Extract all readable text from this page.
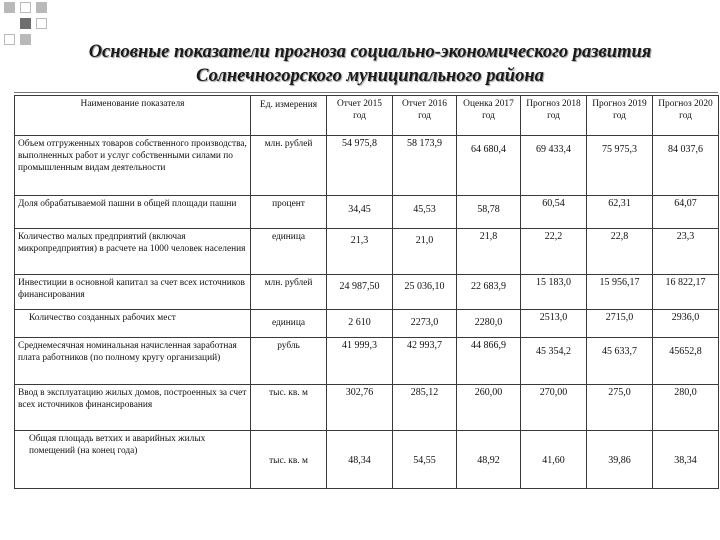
Основные показатели прогноза социально-экономического развития
Солнечногорского муниципального района
Наименование показателя	Ед. измерения	Отчет 2015 год	Отчет 2016 год	Оценка 2017 год	Прогноз 2018 год	Прогноз 2019 год	Прогноз 2020 год
Объем отгруженных товаров собственного производства, выполненных работ и услуг собственными силами по промышленным видам деятельности	млн. рублей	54 975,8	58 173,9	64 680,4	69 433,4	75 975,3	84 037,6
Доля обрабатываемой пашни в общей площади пашни	процент	34,45	45,53	58,78	60,54	62,31	64,07
Количество малых предприятий (включая микропредприятия) в расчете на 1000 человек населения	единица	21,3	21,0	21,8	22,2	22,8	23,3
Инвестиции в основной капитал за счет всех источников финансирования	млн. рублей	24 987,50	25 036,10	22 683,9	15 183,0	15 956,17	16 822,17
Количество созданных рабочих мест	единица	2 610	2273,0	2280,0	2513,0	2715,0	2936,0
Среднемесячная номинальная начисленная заработная плата работников (по полному кругу организаций)	рубль	41 999,3	42 993,7	44 866,9	45 354,2	45 633,7	45652,8
Ввод в эксплуатацию жилых домов, построенных за счет всех источников финансирования	тыс. кв. м	302,76	285,12	260,00	270,00	275,0	280,0
Общая площадь ветхих и аварийных жилых помещений (на конец года)	тыс. кв. м	48,34	54,55	48,92	41,60	39,86	38,34
